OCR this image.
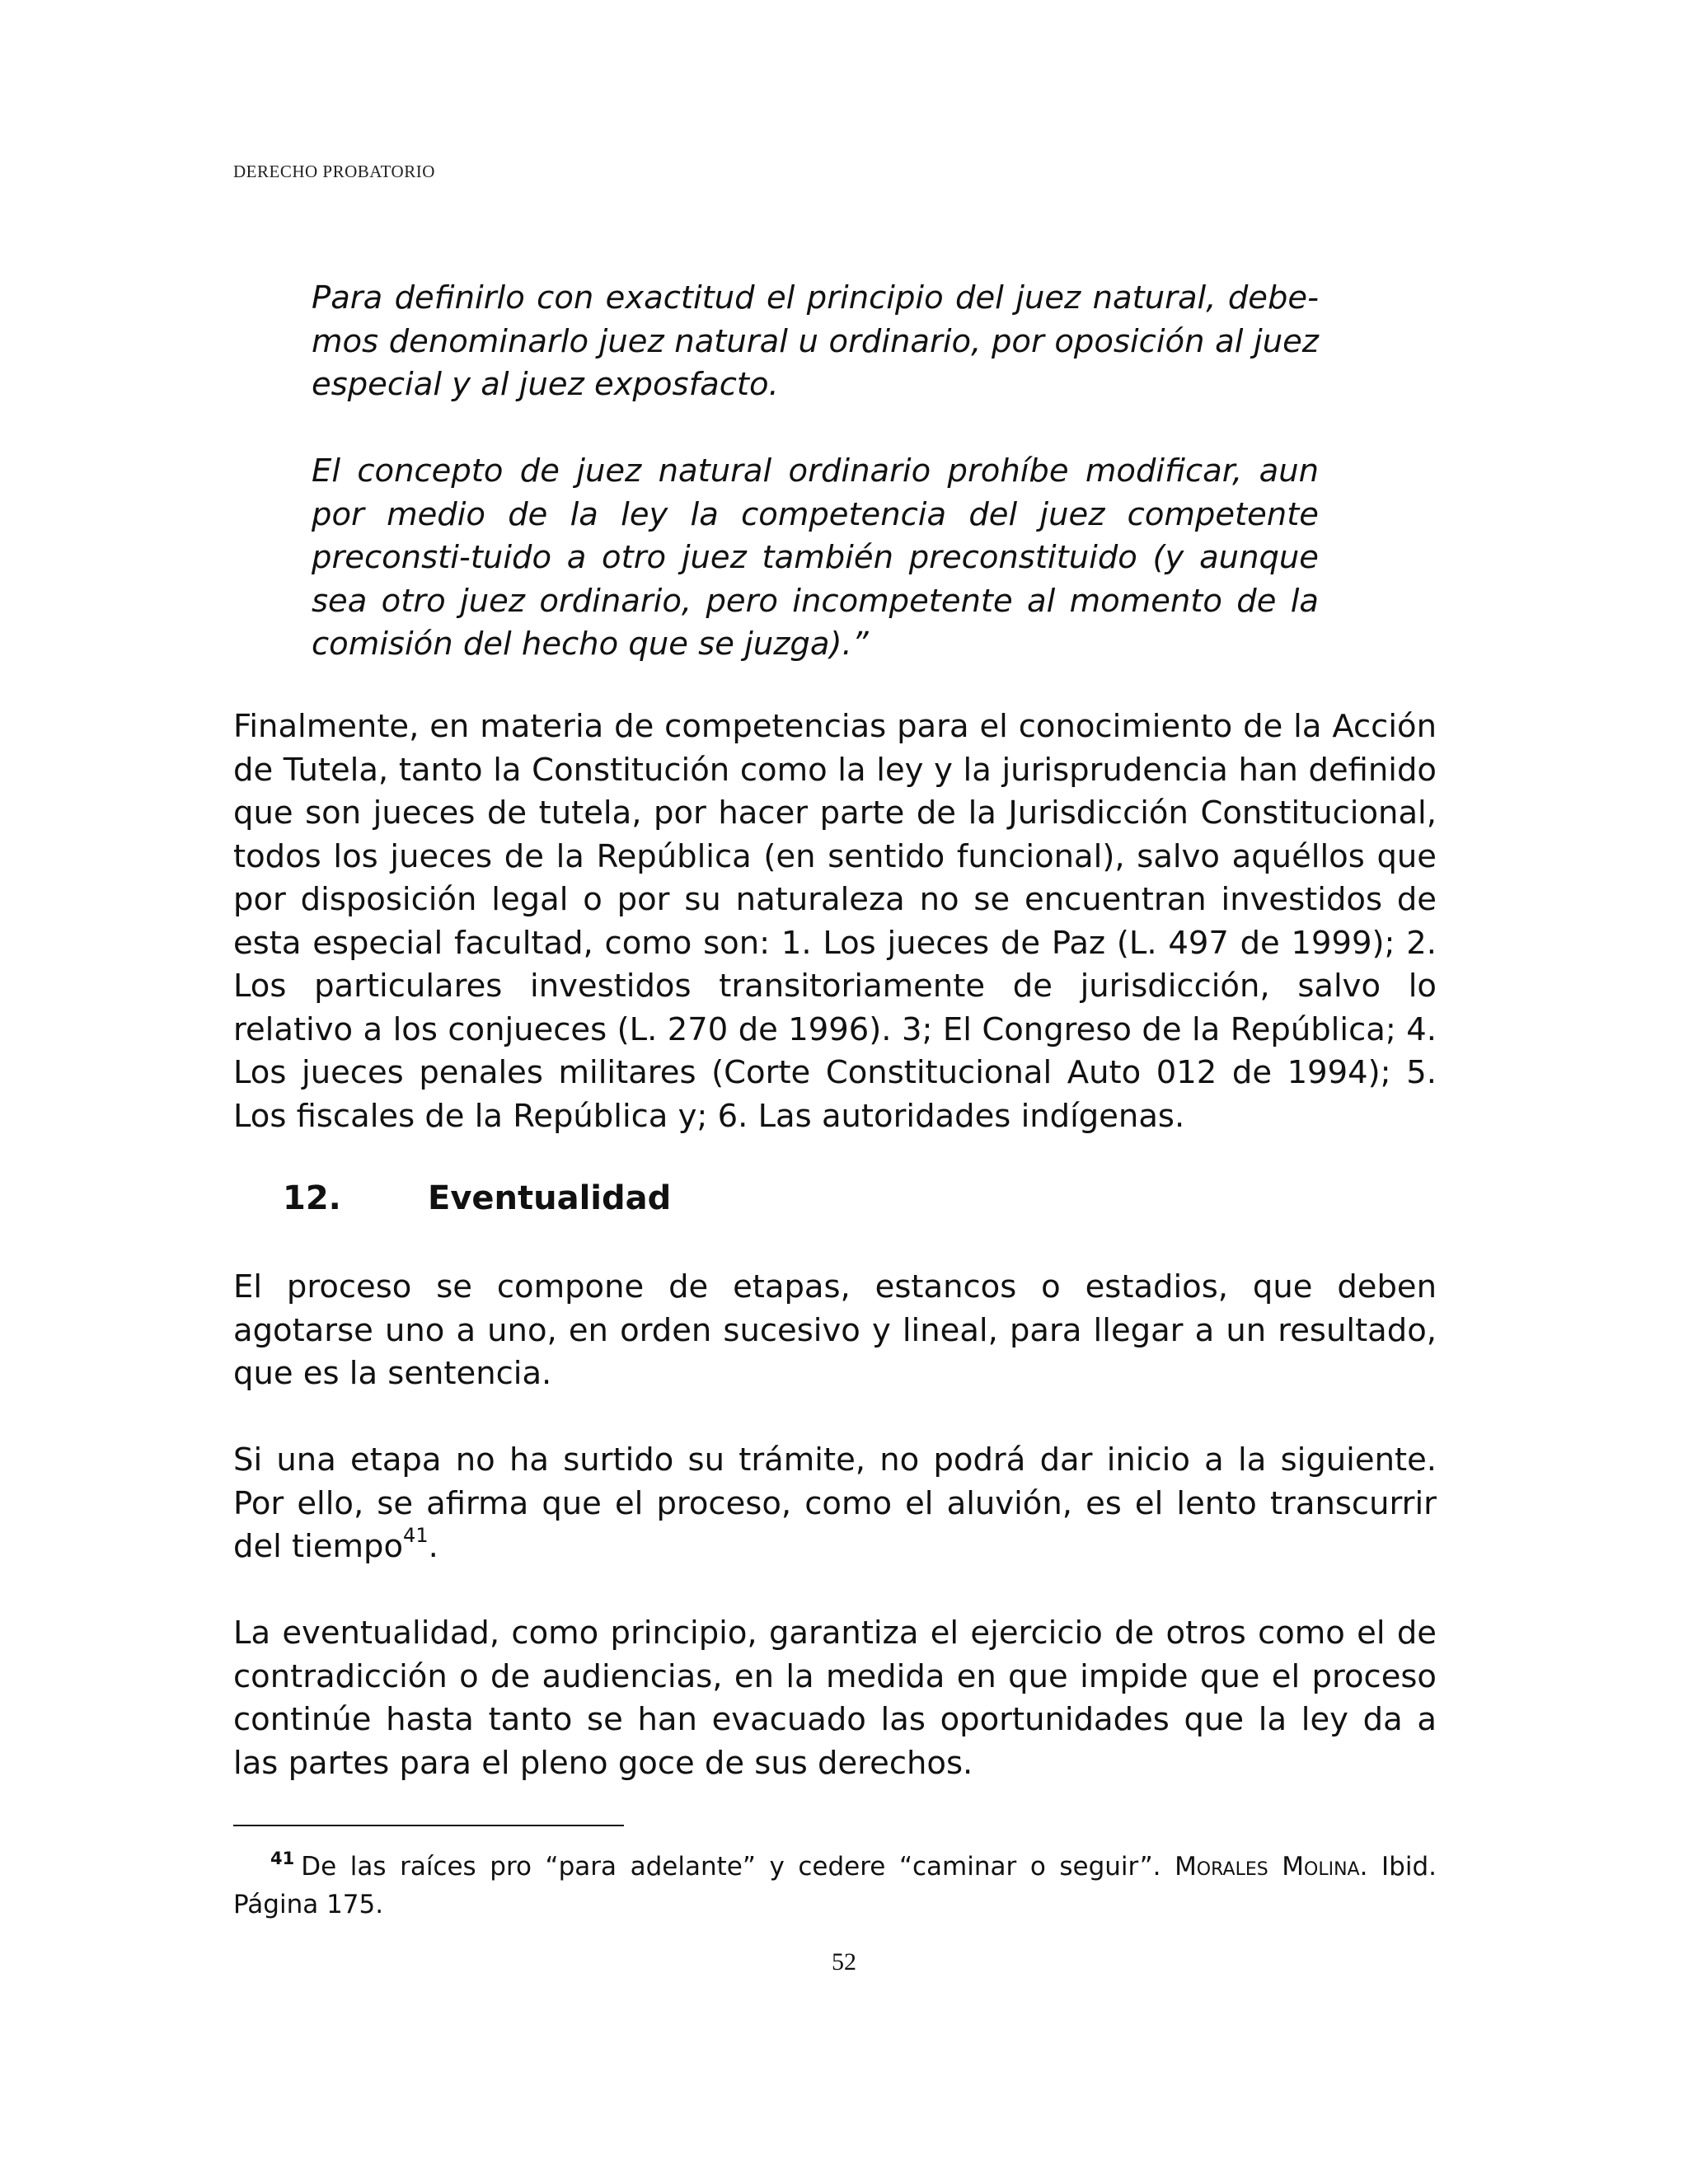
DERECHO PROBATORIO

Para definirlo con exactitud el principio del juez natural, debe-mos denominarlo juez natural u ordinario, por oposición al juez especial y al juez exposfacto.

El concepto de juez natural ordinario prohíbe modificar, aun por medio de la ley la competencia del juez competente preconsti-tuido a otro juez también preconstituido (y aunque sea otro juez ordinario, pero incompetente al momento de la comisión del hecho que se juzga).”

Finalmente, en materia de competencias para el conocimiento de la Acción de Tutela, tanto la Constitución como la ley y la jurisprudencia han definido que son jueces de tutela, por hacer parte de la Jurisdicción Constitucional, todos los jueces de la República (en sentido funcional), salvo aquéllos que por disposición legal o por su naturaleza no se encuentran investidos de esta especial facultad, como son: 1. Los jueces de Paz (L. 497 de 1999); 2. Los particulares investidos transitoriamente de jurisdicción, salvo lo relativo a los conjueces (L. 270 de 1996). 3; El Congreso de la República; 4. Los jueces penales militares (Corte Constitucional Auto 012 de 1994); 5. Los fiscales de la República y; 6. Las autoridades indígenas.

12.	Eventualidad

El proceso se compone de etapas, estancos o estadios, que deben agotarse uno a uno, en orden sucesivo y lineal, para llegar a un resultado, que es la sentencia.

Si una etapa no ha surtido su trámite, no podrá dar inicio a la siguiente. Por ello, se afirma que el proceso, como el aluvión, es el lento transcurrir del tiempo$^{41}$.

La eventualidad, como principio, garantiza el ejercicio de otros como el de contradicción o de audiencias, en la medida en que impide que el proceso continúe hasta tanto se han evacuado las oportunidades que la ley da a las partes para el pleno goce de sus derechos.

$^{41}$ De las raíces pro “para adelante” y cedere “caminar o seguir”. Morales Molina. Ibid. Página 175.

52
